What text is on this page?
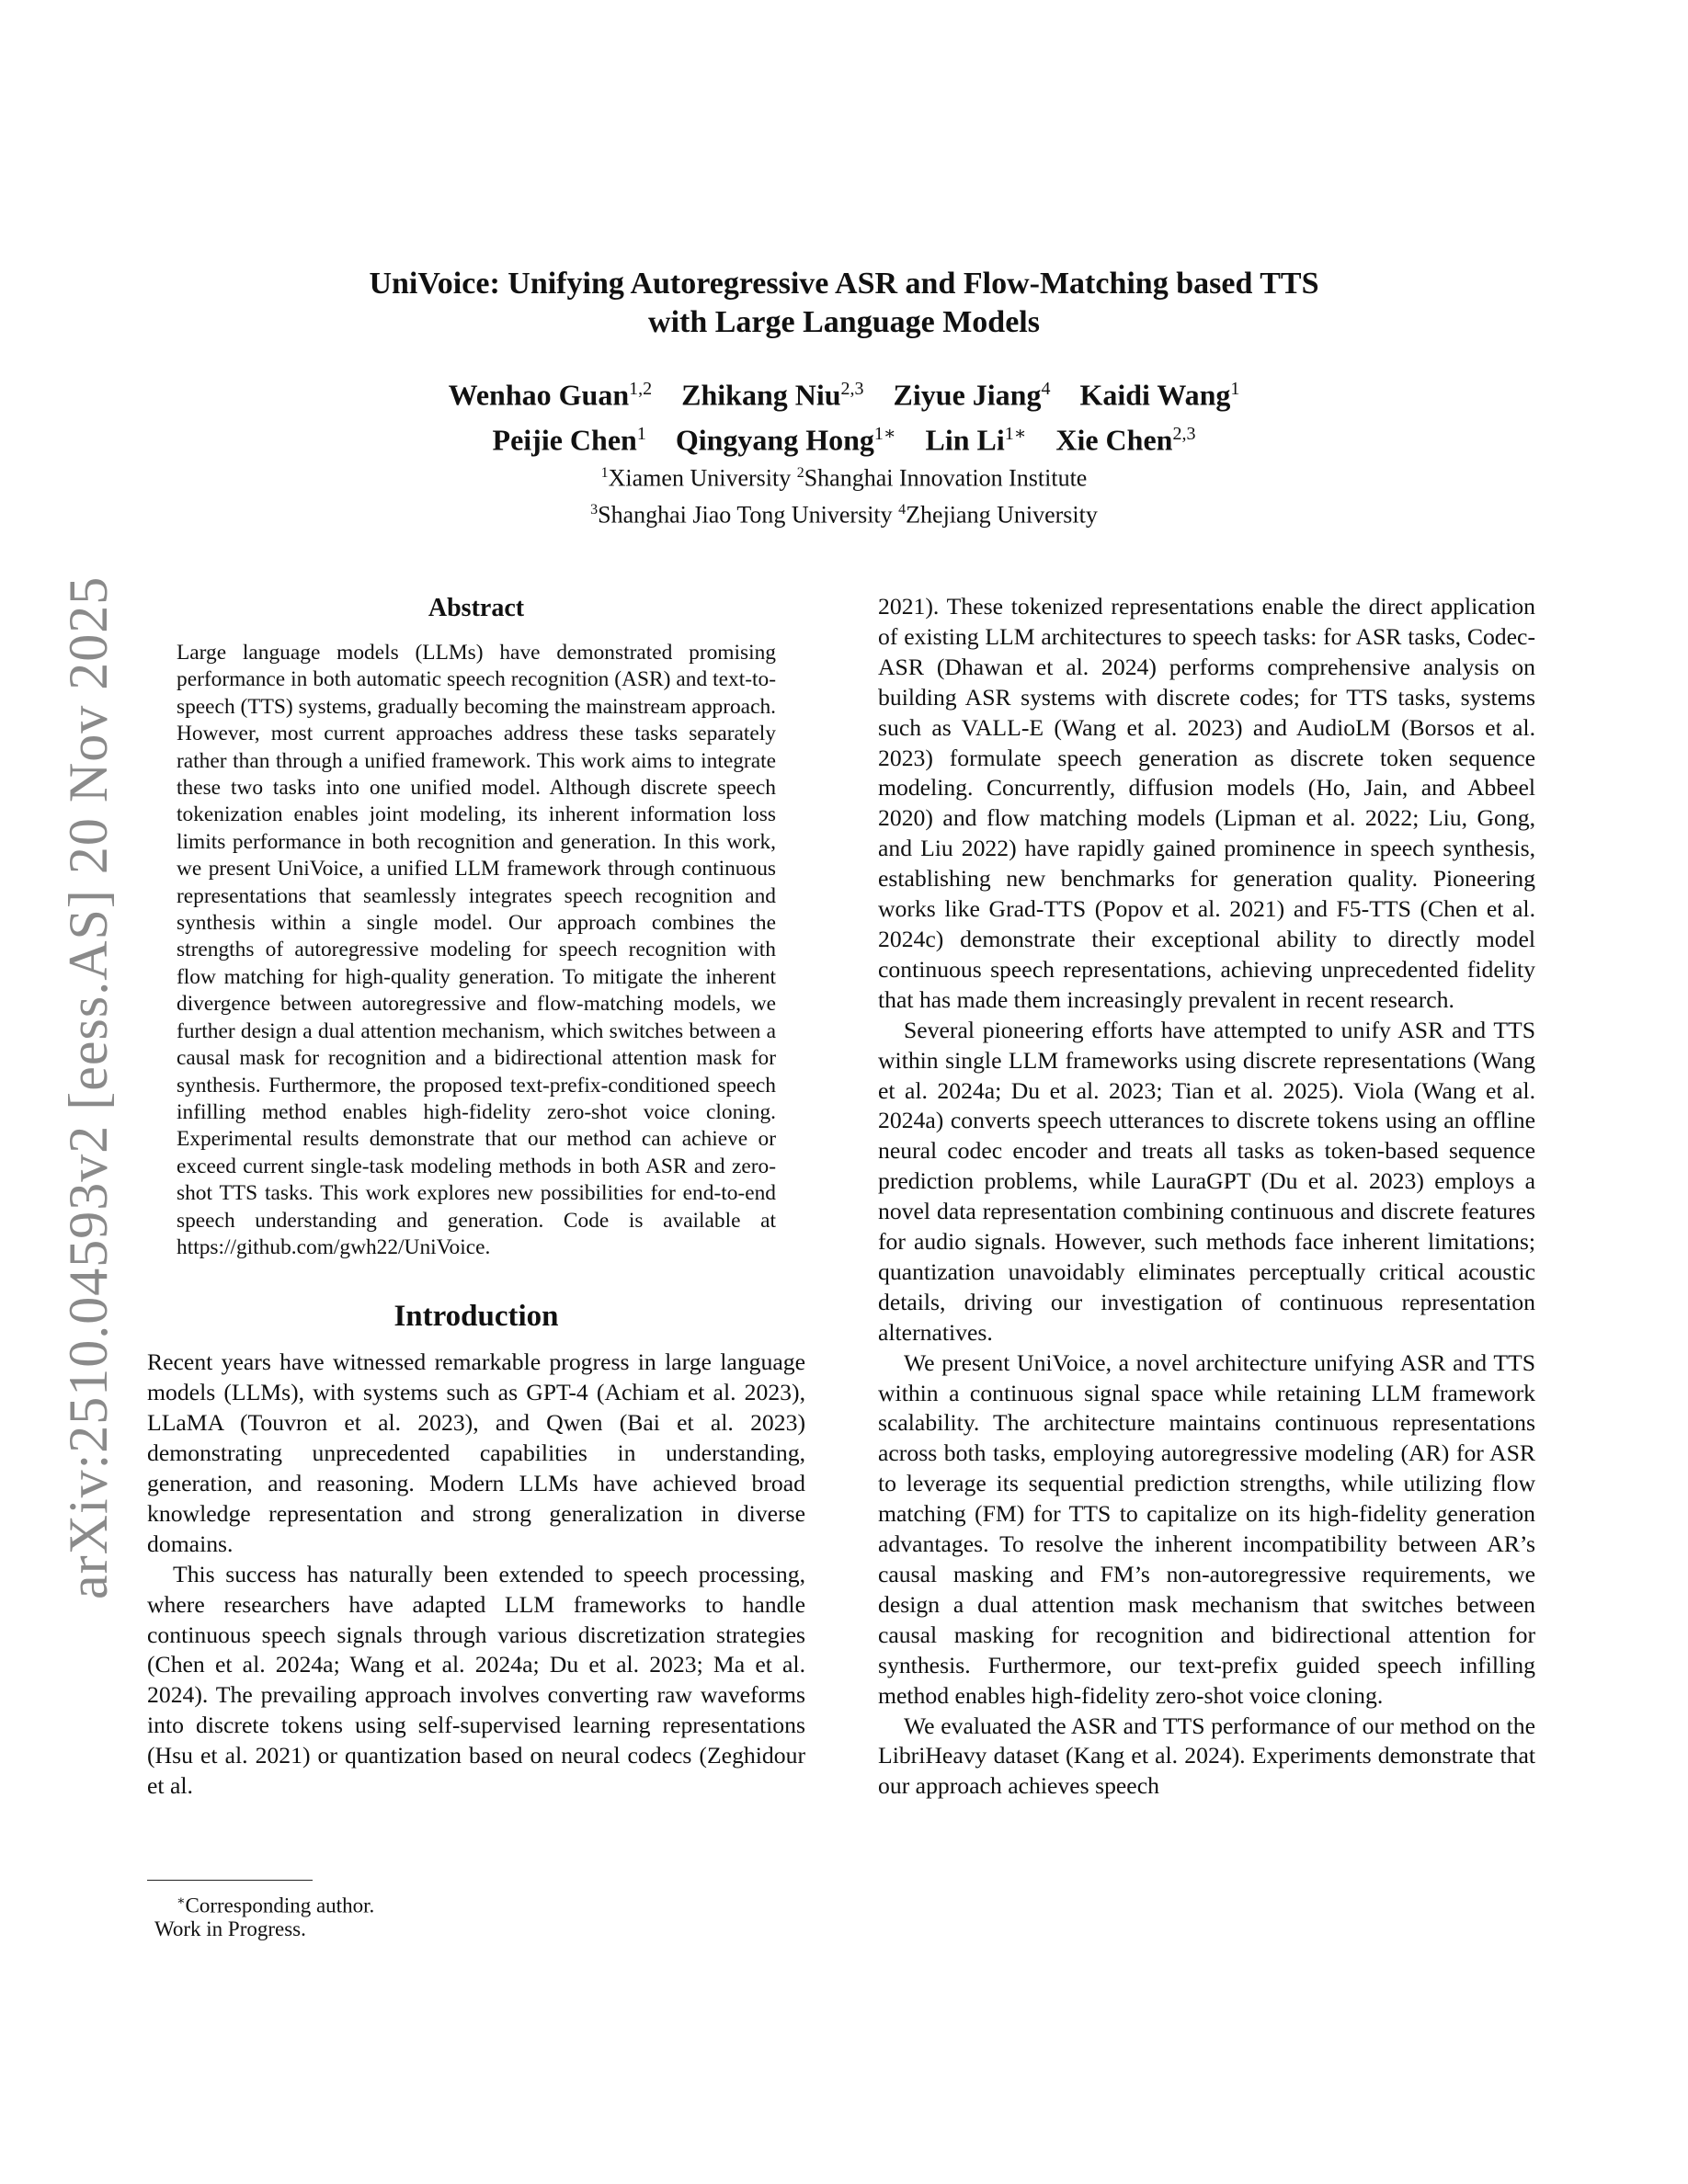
arXiv:2510.04593v2 [eess.AS] 20 Nov 2025
UniVoice: Unifying Autoregressive ASR and Flow-Matching based TTS
with Large Language Models
Wenhao Guan$^{1,2}$ Zhikang Niu$^{2,3}$ Ziyue Jiang$^4$ Kaidi Wang$^1$
Peijie Chen$^1$ Qingyang Hong$^{1∗}$ Lin $Li^{1∗}$ Xie Chen$^{2,3}$
$^1$Xiamen University $^2$Shanghai Innovation Institute
$^3$Shanghai Jiao Tong University $^4$Zhejiang University
Abstract

Large language models (LLMs) have demonstrated promising performance in both automatic speech recognition (ASR) and text-to-speech (TTS) systems, gradually becoming the mainstream approach. However, most current approaches address these tasks separately rather than through a unified framework. This work aims to integrate these two tasks into one unified model. Although discrete speech tokenization enables joint modeling, its inherent information loss limits performance in both recognition and generation. In this work, we present UniVoice, a unified LLM framework through continuous representations that seamlessly integrates speech recognition and synthesis within a single model. Our approach combines the strengths of autoregressive modeling for speech recognition with flow matching for high-quality generation. To mitigate the inherent divergence between autoregressive and flow-matching models, we further design a dual attention mechanism, which switches between a causal mask for recognition and a bidirectional attention mask for synthesis. Furthermore, the proposed text-prefix-conditioned speech infilling method enables high-fidelity zero-shot voice cloning. Experimental results demonstrate that our method can achieve or exceed current single-task modeling methods in both ASR and zero-shot TTS tasks. This work explores new possibilities for end-to-end speech understanding and generation. Code is available at https://github.com/gwh22/UniVoice.

Introduction

Recent years have witnessed remarkable progress in large language models (LLMs), with systems such as GPT-4 (Achiam et al. 2023), LLaMA (Touvron et al. 2023), and Qwen (Bai et al. 2023) demonstrating unprecedented capabilities in understanding, generation, and reasoning. Modern LLMs have achieved broad knowledge representation and strong generalization in diverse domains.

This success has naturally been extended to speech processing, where researchers have adapted LLM frameworks to handle continuous speech signals through various discretization strategies (Chen et al. 2024a; Wang et al. 2024a; Du et al. 2023; Ma et al. 2024). The prevailing approach involves converting raw waveforms into discrete tokens using self-supervised learning representations (Hsu et al. 2021) or quantization based on neural codecs (Zeghidour et al.

2021). These tokenized representations enable the direct application of existing LLM architectures to speech tasks: for ASR tasks, Codec-ASR (Dhawan et al. 2024) performs comprehensive analysis on building ASR systems with discrete codes; for TTS tasks, systems such as VALL-E (Wang et al. 2023) and AudioLM (Borsos et al. 2023) formulate speech generation as discrete token sequence modeling. Concurrently, diffusion models (Ho, Jain, and Abbeel 2020) and flow matching models (Lipman et al. 2022; Liu, Gong, and Liu 2022) have rapidly gained prominence in speech synthesis, establishing new benchmarks for generation quality. Pioneering works like Grad-TTS (Popov et al. 2021) and F5-TTS (Chen et al. 2024c) demonstrate their exceptional ability to directly model continuous speech representations, achieving unprecedented fidelity that has made them increasingly prevalent in recent research.

Several pioneering efforts have attempted to unify ASR and TTS within single LLM frameworks using discrete representations (Wang et al. 2024a; Du et al. 2023; Tian et al. 2025). Viola (Wang et al. 2024a) converts speech utterances to discrete tokens using an offline neural codec encoder and treats all tasks as token-based sequence prediction problems, while LauraGPT (Du et al. 2023) employs a novel data representation combining continuous and discrete features for audio signals. However, such methods face inherent limitations; quantization unavoidably eliminates perceptually critical acoustic details, driving our investigation of continuous representation alternatives.

We present UniVoice, a novel architecture unifying ASR and TTS within a continuous signal space while retaining LLM framework scalability. The architecture maintains continuous representations across both tasks, employing autoregressive modeling (AR) for ASR to leverage its sequential prediction strengths, while utilizing flow matching (FM) for TTS to capitalize on its high-fidelity generation advantages. To resolve the inherent incompatibility between AR’s causal masking and FM’s non-autoregressive requirements, we design a dual attention mask mechanism that switches between causal masking for recognition and bidirectional attention for synthesis. Furthermore, our text-prefix guided speech infilling method enables high-fidelity zero-shot voice cloning.

We evaluated the ASR and TTS performance of our method on the LibriHeavy dataset (Kang et al. 2024). Experiments demonstrate that our approach achieves speech

∗Corresponding author.
Work in Progress.
